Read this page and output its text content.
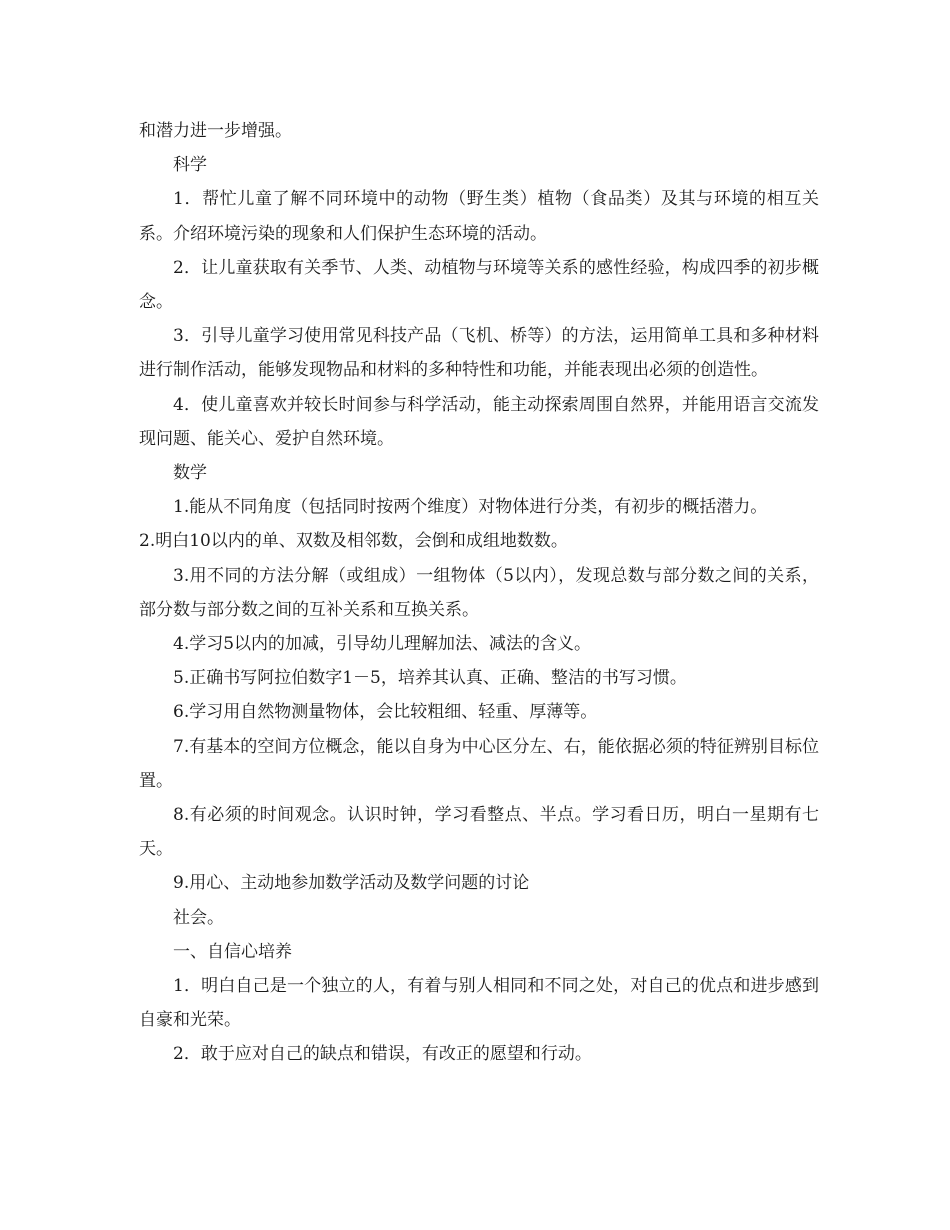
和潜力进一步增强。

科学

1．帮忙儿童了解不同环境中的动物（野生类）植物（食品类）及其与环境的相互关系。介绍环境污染的现象和人们保护生态环境的活动。

2．让儿童获取有关季节、人类、动植物与环境等关系的感性经验，构成四季的初步概念。

3．引导儿童学习使用常见科技产品（飞机、桥等）的方法，运用简单工具和多种材料进行制作活动，能够发现物品和材料的多种特性和功能，并能表现出必须的创造性。

4．使儿童喜欢并较长时间参与科学活动，能主动探索周围自然界，并能用语言交流发现问题、能关心、爱护自然环境。

数学

1.能从不同角度（包括同时按两个维度）对物体进行分类，有初步的概括潜力。

2.明白10以内的单、双数及相邻数，会倒和成组地数数。

3.用不同的方法分解（或组成）一组物体（5以内），发现总数与部分数之间的关系，部分数与部分数之间的互补关系和互换关系。

4.学习5以内的加减，引导幼儿理解加法、减法的含义。

5.正确书写阿拉伯数字1－5，培养其认真、正确、整洁的书写习惯。

6.学习用自然物测量物体，会比较粗细、轻重、厚薄等。

7.有基本的空间方位概念，能以自身为中心区分左、右，能依据必须的特征辨别目标位置。

8.有必须的时间观念。认识时钟，学习看整点、半点。学习看日历，明白一星期有七天。

9.用心、主动地参加数学活动及数学问题的讨论

社会。

一、自信心培养

1．明白自己是一个独立的人，有着与别人相同和不同之处，对自己的优点和进步感到自豪和光荣。

2．敢于应对自己的缺点和错误，有改正的愿望和行动。
